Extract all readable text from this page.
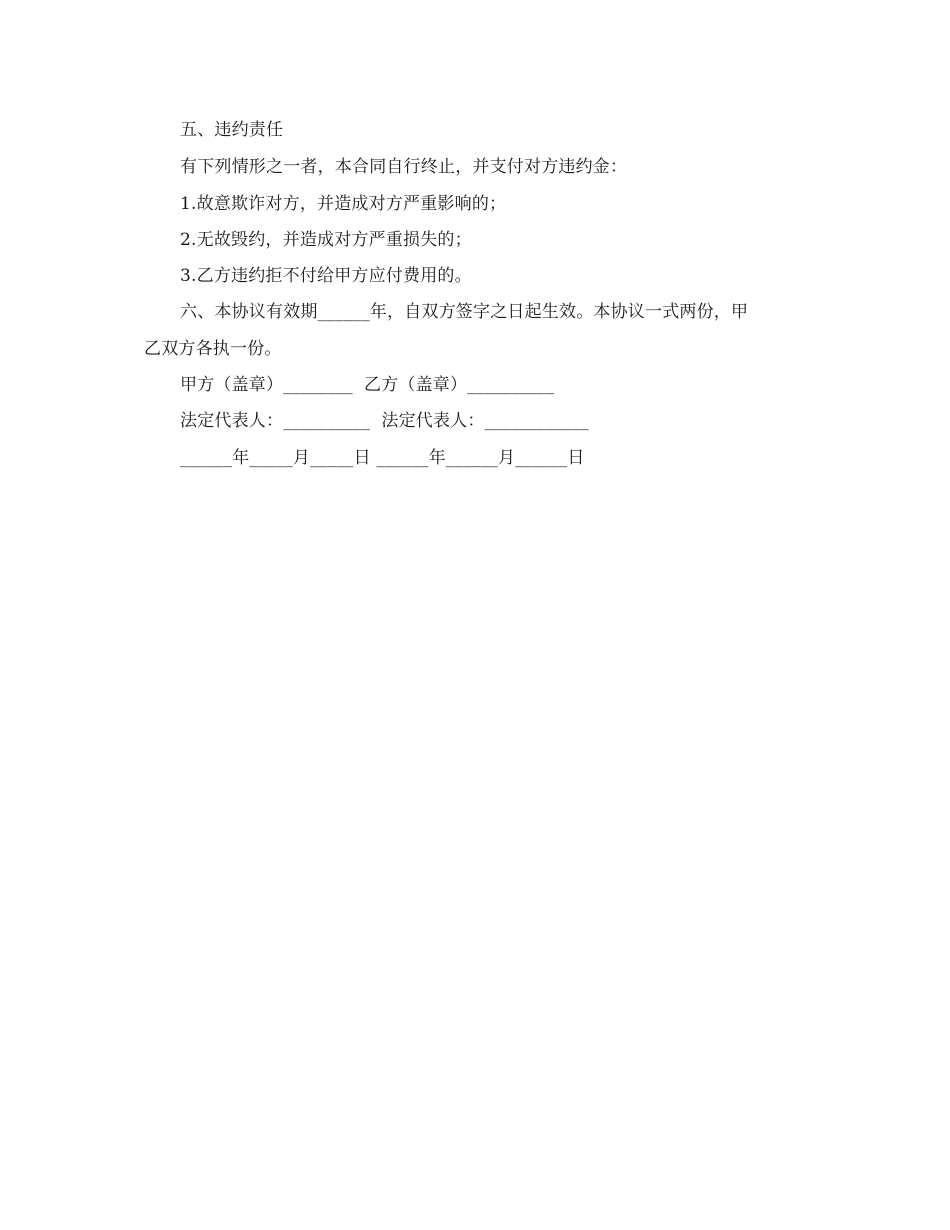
五、违约责任
有下列情形之一者，本合同自行终止，并支付对方违约金：
1.故意欺诈对方，并造成对方严重影响的；
2.无故毁约，并造成对方严重损失的；
3.乙方违约拒不付给甲方应付费用的。
六、本协议有效期______年，自双方签字之日起生效。本协议一式两份，甲
乙双方各执一份。
甲方（盖章）________  乙方（盖章）__________
法定代表人：__________  法定代表人：____________
______年_____月_____日 ______年______月______日
